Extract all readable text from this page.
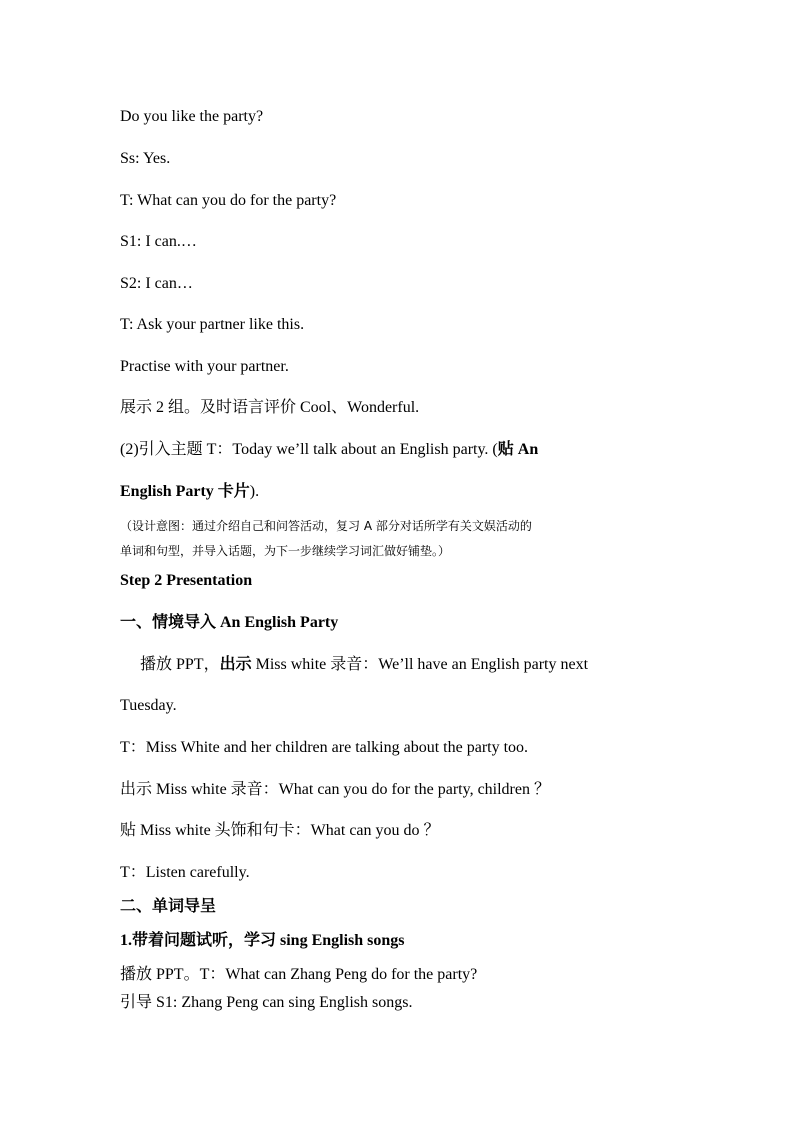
Do you like the party?
Ss: Yes.
T: What can you do for the party?
S1: I can.…
S2: I can…
T: Ask your partner like this.
Practise with your partner.
展示 2 组。及时语言评价 Cool、Wonderful.
(2)引入主题 T：Today we’ll talk about an English party. (贴 An
English Party 卡片).
（设计意图：通过介绍自己和问答活动，复习 A 部分对话所学有关文娱活动的
单词和句型，并导入话题，为下一步继续学习词汇做好铺垫。）
Step 2 Presentation
一、情境导入 An English Party
播放 PPT，出示 Miss white 录音：We’ll have an English party next
Tuesday.
T：Miss White and her children are talking about the party too.
出示 Miss white 录音：What can you do for the party, children ？
贴 Miss white 头饰和句卡：What can you do ？
T：Listen carefully.
二、单词导呈
1.带着问题试听，学习 sing English songs
播放 PPT。T：What can Zhang Peng do for the party?
引导 S1: Zhang Peng can sing English songs.
